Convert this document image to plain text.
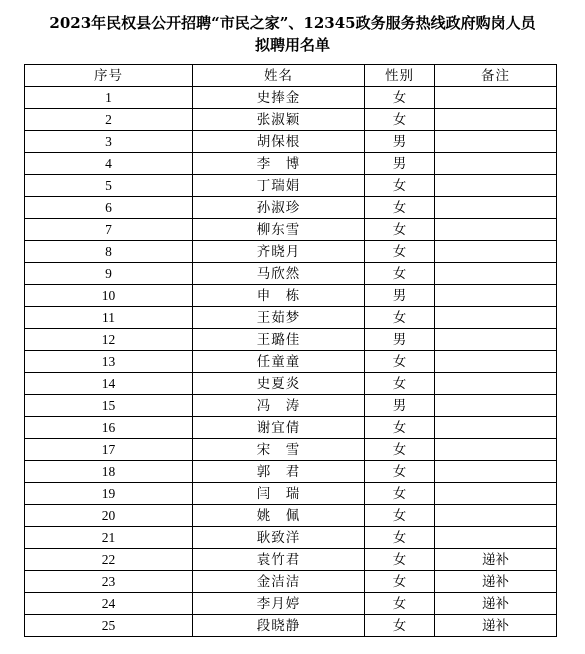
2023年民权县公开招聘“市民之家”、12345政务服务热线政府购岗人员
拟聘用名单
序号	姓名	性别	备注
1	史捧金	女	
2	张淑颖	女	
3	胡保根	男	
4	李　博	男	
5	丁瑞娟	女	
6	孙淑珍	女	
7	柳东雪	女	
8	齐晓月	女	
9	马欣然	女	
10	申　栋	男	
11	王茹梦	女	
12	王璐佳	男	
13	任童童	女	
14	史夏炎	女	
15	冯　涛	男	
16	谢宜倩	女	
17	宋　雪	女	
18	郭　君	女	
19	闫　瑞	女	
20	姚　佩	女	
21	耿致洋	女	
22	袁竹君	女	递补
23	金洁洁	女	递补
24	李月婷	女	递补
25	段晓静	女	递补
